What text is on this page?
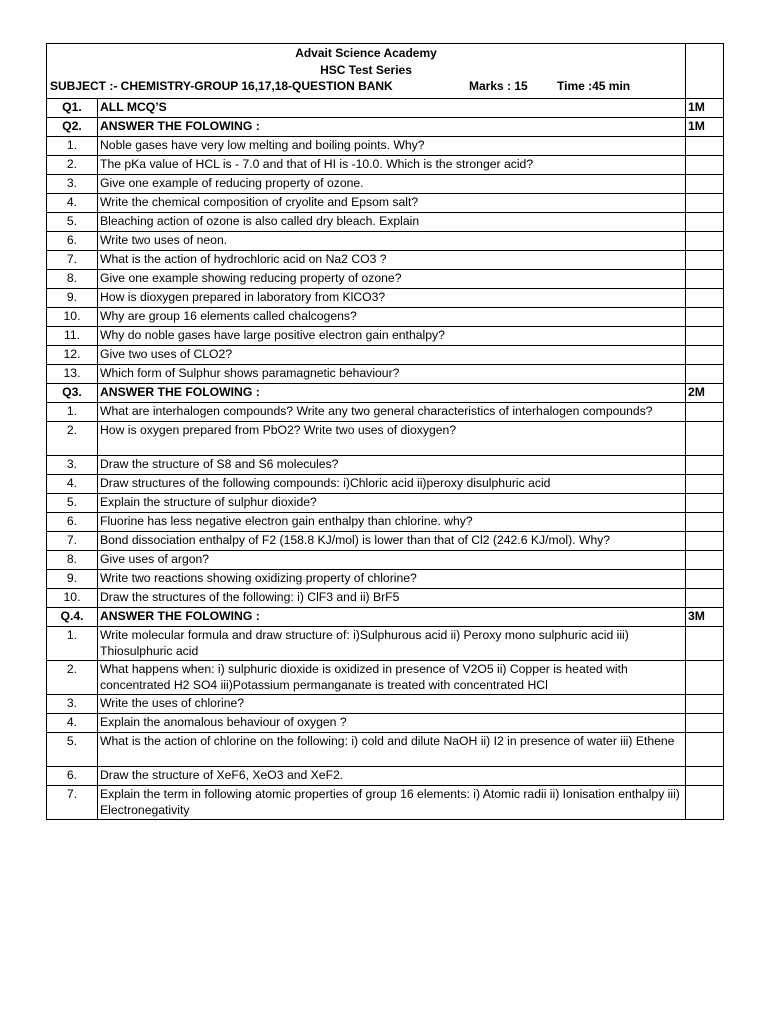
Advait Science Academy
HSC Test Series
SUBJECT :- CHEMISTRY-GROUP 16,17,18-QUESTION BANK Marks : 15 Time :45 min		

Q1.	ALL MCQ’S	1M
Q2.	ANSWER THE FOLOWING :	1M
1.	Noble gases have very low melting and boiling points. Why?	
2.	The pKa value of HCL is - 7.0 and that of HI is -10.0. Which is the stronger acid?	
3.	Give one example of reducing property of ozone.	
4.	Write the chemical composition of cryolite and Epsom salt?	
5.	Bleaching action of ozone is also called dry bleach. Explain	
6.	Write two uses of neon.	
7.	What is the action of hydrochloric acid on Na2 CO3 ?	
8.	Give one example showing reducing property of ozone?	
9.	How is dioxygen prepared in laboratory from KlCO3?	
10.	Why are group 16 elements called chalcogens?	
11.	Why do noble gases have large positive electron gain enthalpy?	
12.	Give two uses of CLO2?	
13.	Which form of Sulphur shows paramagnetic behaviour?	
Q3.	ANSWER THE FOLOWING :	2M
1.	What are interhalogen compounds? Write any two general characteristics of interhalogen compounds?	
2.	How is oxygen prepared from PbO2? Write two uses of dioxygen?	
3.	Draw the structure of S8 and S6 molecules?	
4.	Draw structures of the following compounds: i)Chloric acid ii)peroxy disulphuric acid	
5.	Explain the structure of sulphur dioxide?	
6.	Fluorine has less negative electron gain enthalpy than chlorine. why?	
7.	Bond dissociation enthalpy of F2 (158.8 KJ/mol) is lower than that of Cl2 (242.6 KJ/mol). Why?	
8.	Give uses of argon?	
9.	Write two reactions showing oxidizing property of chlorine?	
10.	Draw the structures of the following: i) ClF3 and ii) BrF5	
Q.4.	ANSWER THE FOLOWING :	3M
1.	Write molecular formula and draw structure of: i)Sulphurous acid ii) Peroxy mono sulphuric acid iii) Thiosulphuric acid	
2.	What happens when: i) sulphuric dioxide is oxidized in presence of V2O5 ii) Copper is heated with concentrated H2 SO4 iii)Potassium permanganate is treated with concentrated HCl	
3.	Write the uses of chlorine?	
4.	Explain the anomalous behaviour of oxygen ?	
5.	What is the action of chlorine on the following: i) cold and dilute NaOH ii) I2 in presence of water iii) Ethene	
6.	Draw the structure of XeF6, XeO3 and XeF2.	
7.	Explain the term in following atomic properties of group 16 elements: i) Atomic radii ii) Ionisation enthalpy iii) Electronegativity	
